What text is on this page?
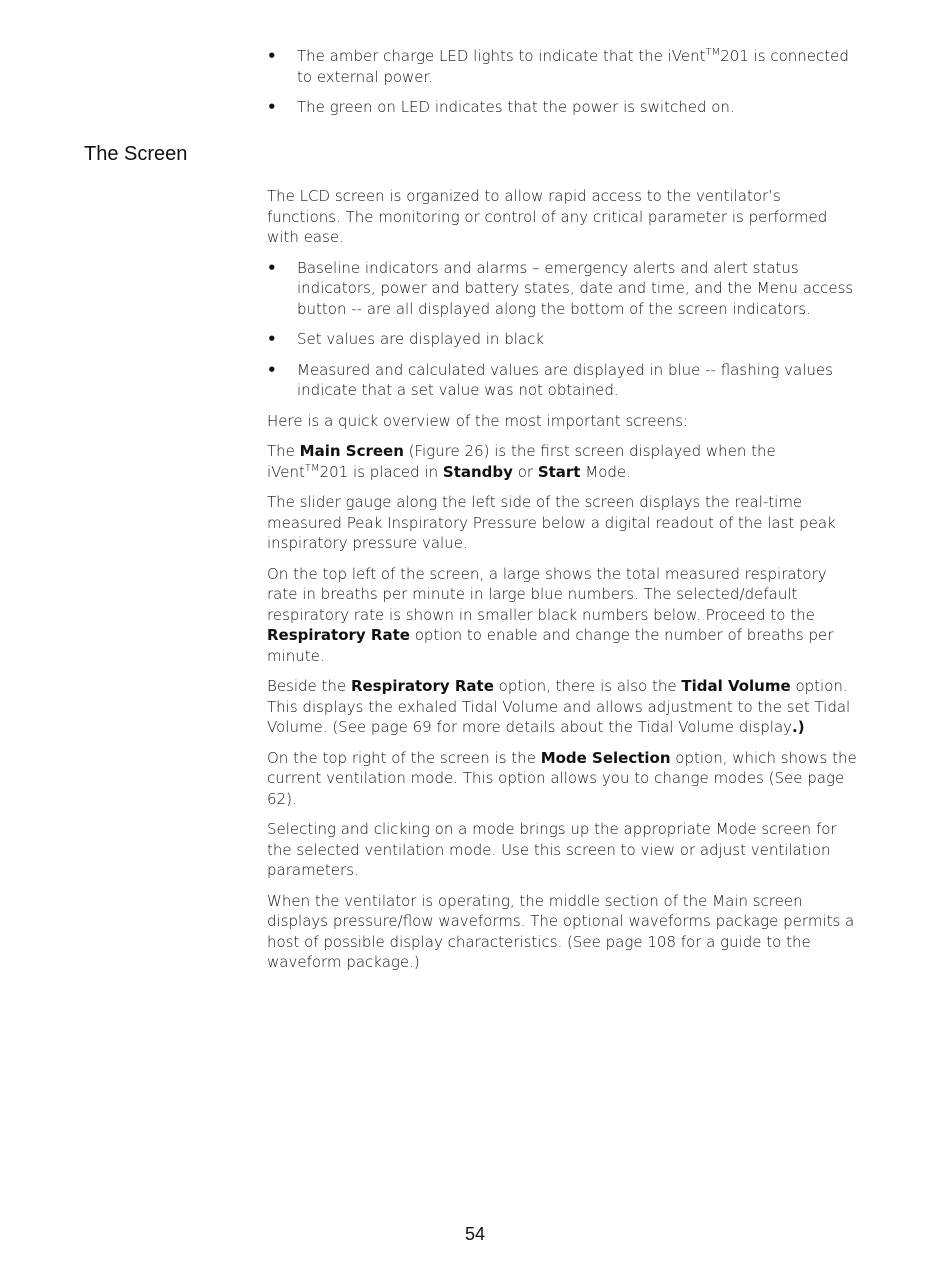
• The amber charge LED lights to indicate that the iVent™201 is connected to external power.
• The green on LED indicates that the power is switched on.
The Screen

The LCD screen is organized to allow rapid access to the ventilator’s functions. The monitoring or control of any critical parameter is performed with ease.

• Baseline indicators and alarms – emergency alerts and alert status indicators, power and battery states, date and time, and the Menu access button -- are all displayed along the bottom of the screen indicators.
• Set values are displayed in black
• Measured and calculated values are displayed in blue -- flashing values indicate that a set value was not obtained.

Here is a quick overview of the most important screens:

The Main Screen (Figure 26) is the first screen displayed when the iVent™201 is placed in Standby or Start Mode.

The slider gauge along the left side of the screen displays the real-time measured Peak Inspiratory Pressure below a digital readout of the last peak inspiratory pressure value.

On the top left of the screen, a large shows the total measured respiratory rate in breaths per minute in large blue numbers. The selected/default respiratory rate is shown in smaller black numbers below. Proceed to the Respiratory Rate option to enable and change the number of breaths per minute.

Beside the Respiratory Rate option, there is also the Tidal Volume option. This displays the exhaled Tidal Volume and allows adjustment to the set Tidal Volume. (See page 69 for more details about the Tidal Volume display.)

On the top right of the screen is the Mode Selection option, which shows the current ventilation mode. This option allows you to change modes (See page 62).

Selecting and clicking on a mode brings up the appropriate Mode screen for the selected ventilation mode. Use this screen to view or adjust ventilation parameters.

When the ventilator is operating, the middle section of the Main screen displays pressure/flow waveforms. The optional waveforms package permits a host of possible display characteristics. (See page 108 for a guide to the waveform package.)

54
